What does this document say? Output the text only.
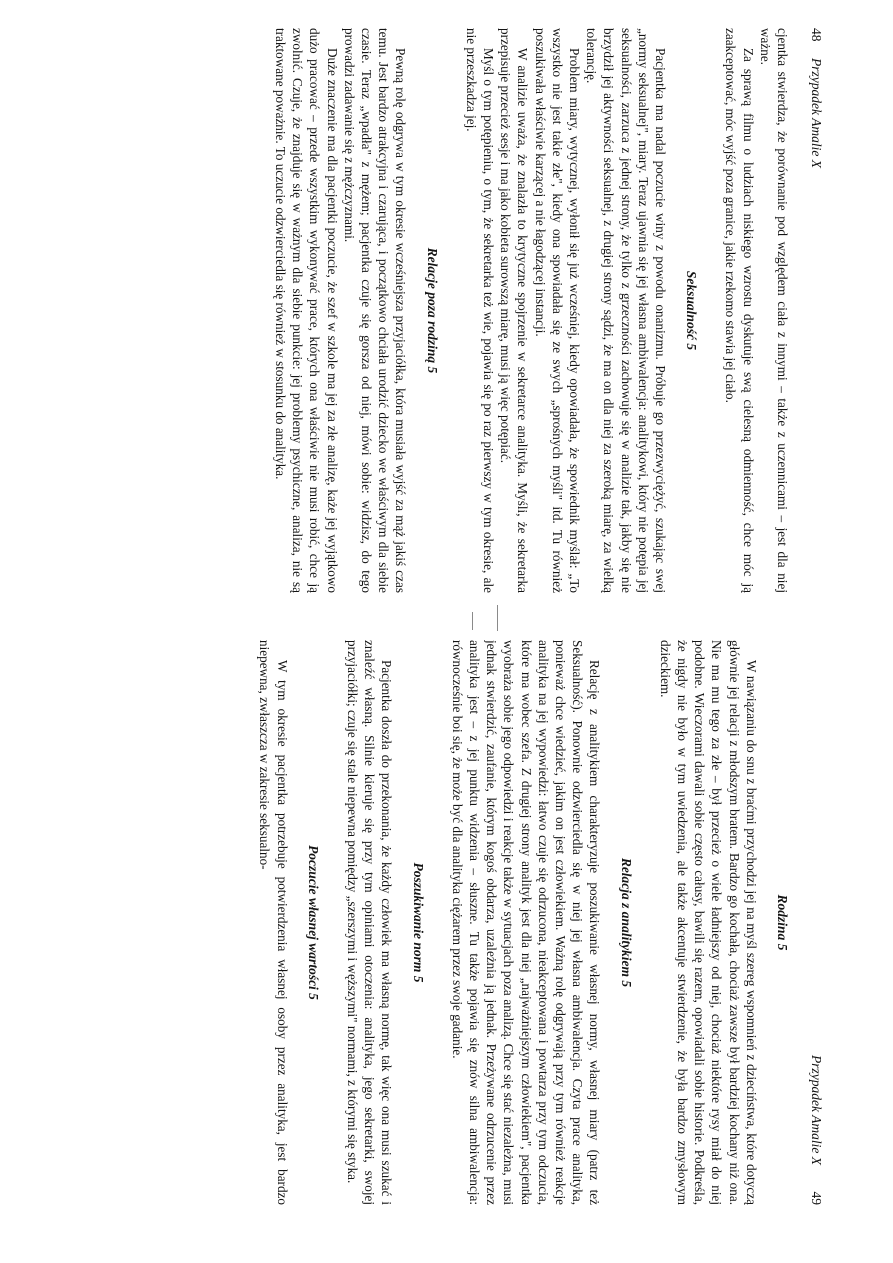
48
Przypadek Amalie X

cjentka stwierdza, że porównanie pod względem ciała z innymi – także z uczennicami – jest dla niej ważne.

Za sprawą filmu o ludziach niskiego wzrostu dyskutuje swą cielesną odmienność, chce móc ją zaakceptować, móc wyjść poza granice, jakie rzekomo stawia jej ciało.

Seksualność 5

Pacjentka ma nadal poczucie winy z powodu onanizmu. Próbuje go przezwyciężyć, szukając swej „normy seksualnej", miary. Teraz ujawnia się jej własna ambiwalencja: analitykowi, który nie potępia jej seksualności, zarzuca z jednej strony, że tylko z grzeczności zachowuje się w analizie tak, jakby się nie brzydził jej aktywności seksualnej, z drugiej strony sądzi, że ma on dla niej za szeroką miarę, za wielką tolerancję.

Problem miary, wytycznej, wyłonił się już wcześniej, kiedy opowiadała, że spowiednik myślał: „To wszystko nie jest takie złe", kiedy ona spowiadała się ze swych „sprośnych myśli" itd. Tu również poszukiwała właściwie karzącej a nie łagodzącej instancji.

W analizie uważa, że znalazła to krytyczne spojrzenie w sekretarce analityka. Myśli, że sekretarka przepisuje przecież sesje i ma jako kobieta surowszą miarę, musi ją więc potępiać.

Myśl o tym potępieniu, o tym, że sekretarka też wie, pojawia się po raz pierwszy w tym okresie, ale nie przeszkadza jej.

Relacje poza rodziną 5

Pewną rolę odgrywa w tym okresie wcześniejsza przyjaciółka, która musiała wyjść za mąż jakiś czas temu. Jest bardzo atrakcyjna i czarująca, i początkowo chciała urodzić dziecko we właściwym dla siebie czasie. Teraz „wpadła" z mężem; pacjentka czuje się gorsza od niej, mówi sobie: widzisz, do tego prowadzi zadawanie się z mężczyznami.

Duże znaczenie ma dla pacjentki poczucie, że szef w szkole ma jej za złe analizę, każe jej wyjątkowo dużo pracować – przede wszystkim wykonywać prace, których ona właściwie nie musi robić, chce ją zwolnić. Czuje, że znajduje się w ważnym dla siebie punkcie: jej problemy psychiczne, analiza, nie są traktowane poważnie. To uczucie odzwierciedla się również w stosunku do analityka.

Przypadek Amalie X
49
Rodzina 5

W nawiązaniu do snu z braćmi przychodzi jej na myśl szereg wspomnień z dzieciństwa, które dotyczą głównie jej relacji z młodszym bratem. Bardzo go kochała, chociaż zawsze był bardziej kochany niż ona. Nie ma mu tego za złe – był przecież o wiele ładniejszy od niej, chociaż niektóre rysy miał do niej podobne. Wieczorami dawali sobie często całusy, bawili się razem, opowiadali sobie historie. Podkreśla, że nigdy nie było w tym uwiedzenia, ale także akcentuje stwierdzenie, że była bardzo zmysłowym dzieckiem.

Relacja z analitykiem 5

Relację z analitykiem charakteryzuje poszukiwanie własnej normy, własnej miary (patrz też Seksualność). Ponownie odzwierciedla się w niej jej własna ambiwalencja. Czyta prace analityka, ponieważ chce wiedzieć, jakim on jest człowiekiem. Ważną rolę odgrywają przy tym również reakcje analityka na jej wypowiedzi: łatwo czuje się odrzucona, nieakceptowana i powtarza przy tym odczucia, które ma wobec szefa. Z drugiej strony analityk jest dla niej „najważniejszym człowiekiem", pacjentka wyobraża sobie jego odpowiedzi i reakcje także w sytuacjach poza analizą. Chce się stać niezależna, musi jednak stwierdzić, zaufanie, którym kogoś obdarza, uzależnia ją jednak. Przeżywane odrzucenie przez analityka jest – z jej punktu widzenia – słuszne. Tu także pojawia się znów silna ambiwalencja: równocześnie boi się, że może być dla analityka ciężarem przez swoje gadanie.

Poszukiwanie norm 5

Pacjentka doszła do przekonania, że każdy człowiek ma własną normę, tak więc ona musi szukać i znaleźć własną. Silnie kieruje się przy tym opiniami otoczenia: analityka, jego sekretarki, swojej przyjaciółki; czuje się stale niepewna pomiędzy „szerszymi i węższymi" normami, z którymi się styka.

Poczucie własnej wartości 5

W tym okresie pacjentka potrzebuje potwierdzenia własnej osoby przez analityka, jest bardzo niepewna, zwłaszcza w zakresie seksualno-
